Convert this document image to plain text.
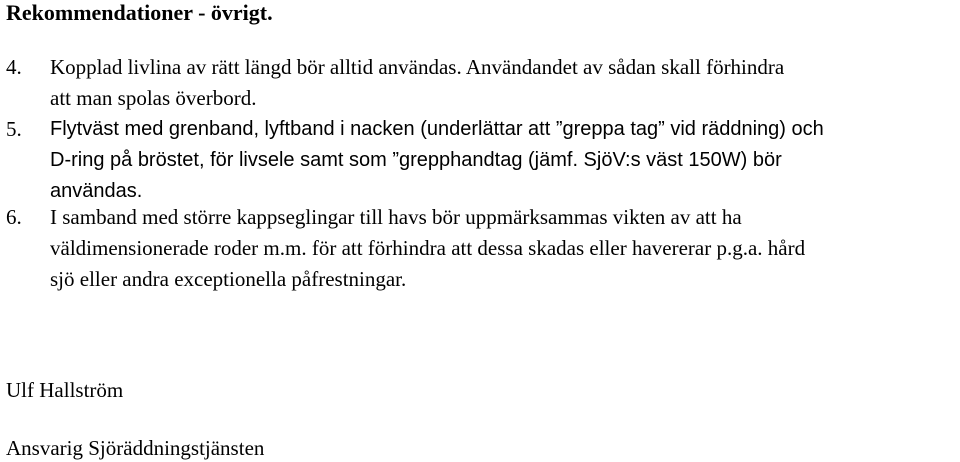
Rekommendationer - övrigt.
4. Kopplad livlina av rätt längd bör alltid användas. Användandet av sådan skall förhindra
att man spolas överbord.
5. Flytväst med grenband, lyftband i nacken (underlättar att ”greppa tag” vid räddning) och
D-ring på bröstet, för livsele samt som ”grepphandtag (jämf. SjöV:s väst 150W) bör
användas.
6. I samband med större kappseglingar till havs bör uppmärksammas vikten av att ha
väldimensionerade roder m.m. för att förhindra att dessa skadas eller havererar p.g.a. hård
sjö eller andra exceptionella påfrestningar.
Ulf Hallström
Ansvarig Sjöräddningstjänsten
